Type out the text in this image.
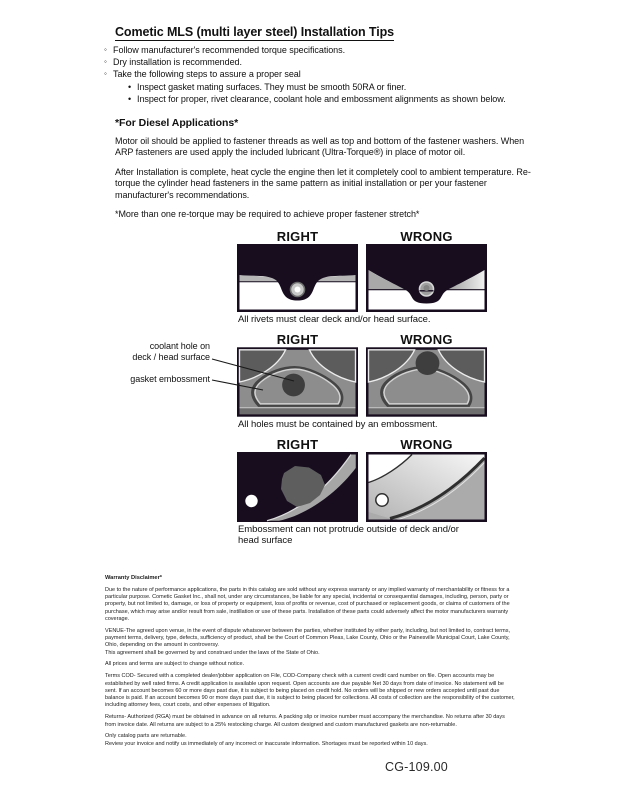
Cometic MLS (multi layer steel) Installation Tips
◦ Follow manufacturer's recommended torque specifications.
◦ Dry installation is recommended.
◦ Take the following steps to assure a proper seal
• Inspect gasket mating surfaces. They must be smooth 50RA or finer.
• Inspect for proper, rivet clearance, coolant hole and embossment alignments as shown below.
*For Diesel Applications*

Motor oil should be applied to fastener threads as well as top and bottom of the fastener washers. When ARP fasteners are used apply the included lubricant (Ultra-Torque®) in place of motor oil.

After Installation is complete, heat cycle the engine then let it completely cool to ambient temperature. Re-torque the cylinder head fasteners in the same pattern as initial installation or per your fastener manufacturer's recommendations.

*More than one re-torque may be required to achieve proper fastener stretch*

RIGHT	WRONG
All rivets must clear deck and/or head surface.
RIGHT	WRONG
All holes must be contained by an embossment.
RIGHT	WRONG
Embossment can not protrude outside of deck and/or head surface
coolant hole on
deck / head surface
gasket embossment

Warranty Disclaimer*

Due to the nature of performance applications, the parts in this catalog are sold without any express warranty or any implied warranty of merchantability or fitness for a particular purpose. Cometic Gasket Inc., shall not, under any circumstances, be liable for any special, incidental or consequential damages, including, person, party or property, but not limited to, damage, or loss of property or equipment, loss of profits or revenue, cost of purchased or replacement goods, or claims of customers of the purchase, which may arise and/or result from sale, instillation or use of these parts. Installation of these parts could adversely affect the motor manufacturers warranty coverage.

VENUE-The agreed upon venue, in the event of dispute whatsoever between the parties, whether instituted by either party, including, but not limited to, contract terms, payment terms, delivery, type, defects, sufficiency of product, shall be the Court of Common Pleas, Lake County, Ohio or the Painesville Municipal Court, Lake County, Ohio, depending on the amount in controversy.
This agreement shall be governed by and construed under the laws of the State of Ohio.

All prices and terms are subject to change without notice.

Terms COD- Secured with a completed dealer/jobber application on File, COD-Company check with a current credit card number on file. Open accounts may be established by well rated firms. A credit application is available upon request. Open accounts are due payable Net 30 days from date of invoice. No statement will be sent. If an account becomes 60 or more days past due, it is subject to being placed on credit hold. No orders will be shipped or new orders accepted until past due balance is paid. If an account becomes 90 or more days past due, it is subject to being placed for collections. All costs of collection are the responsibility of the customer, including attorney fees, court costs, and other expenses of litigation.

Returns- Authorized (RGA) must be obtained in advance on all returns. A packing slip or invoice number must accompany the merchandise. No returns after 30 days from invoice date. All returns are subject to a 25% restocking charge. All custom designed and custom manufactured gaskets are non-returnable.

Only catalog parts are returnable.
Review your invoice and notify us immediately of any incorrect or inaccurate information. Shortages must be reported within 10 days.

CG-109.00
